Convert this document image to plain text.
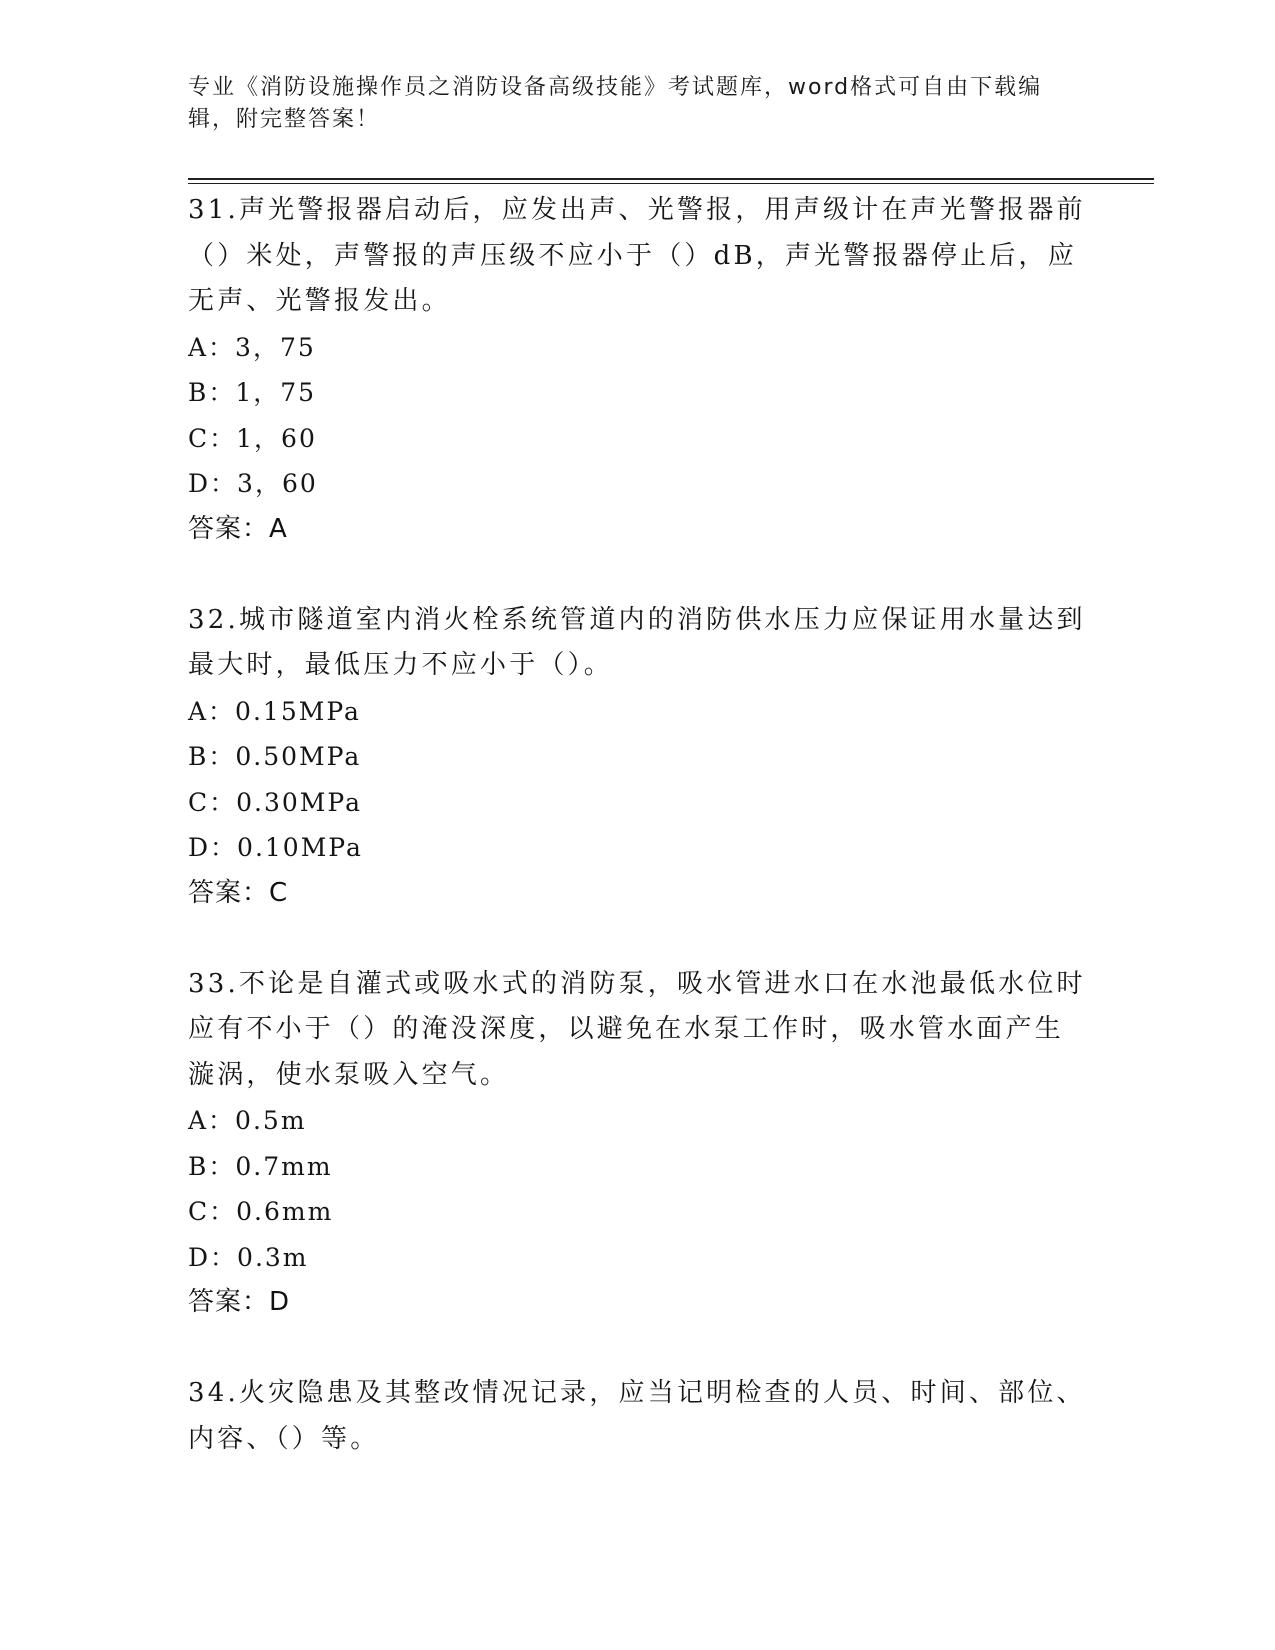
专业《消防设施操作员之消防设备高级技能》考试题库，word格式可自由下载编辑，附完整答案！

31.声光警报器启动后，应发出声、光警报，用声级计在声光警报器前（）米处，声警报的声压级不应小于（）dB，声光警报器停止后，应无声、光警报发出。

A：3，75

B：1，75

C：1，60

D：3，60

答案：A

32.城市隧道室内消火栓系统管道内的消防供水压力应保证用水量达到最大时，最低压力不应小于（）。

A：0.15MPa

B：0.50MPa

C：0.30MPa

D：0.10MPa

答案：C

33.不论是自灌式或吸水式的消防泵，吸水管进水口在水池最低水位时应有不小于（）的淹没深度，以避免在水泵工作时，吸水管水面产生漩涡，使水泵吸入空气。

A：0.5m

B：0.7mm

C：0.6mm

D：0.3m

答案：D

34.火灾隐患及其整改情况记录，应当记明检查的人员、时间、部位、内容、（）等。
